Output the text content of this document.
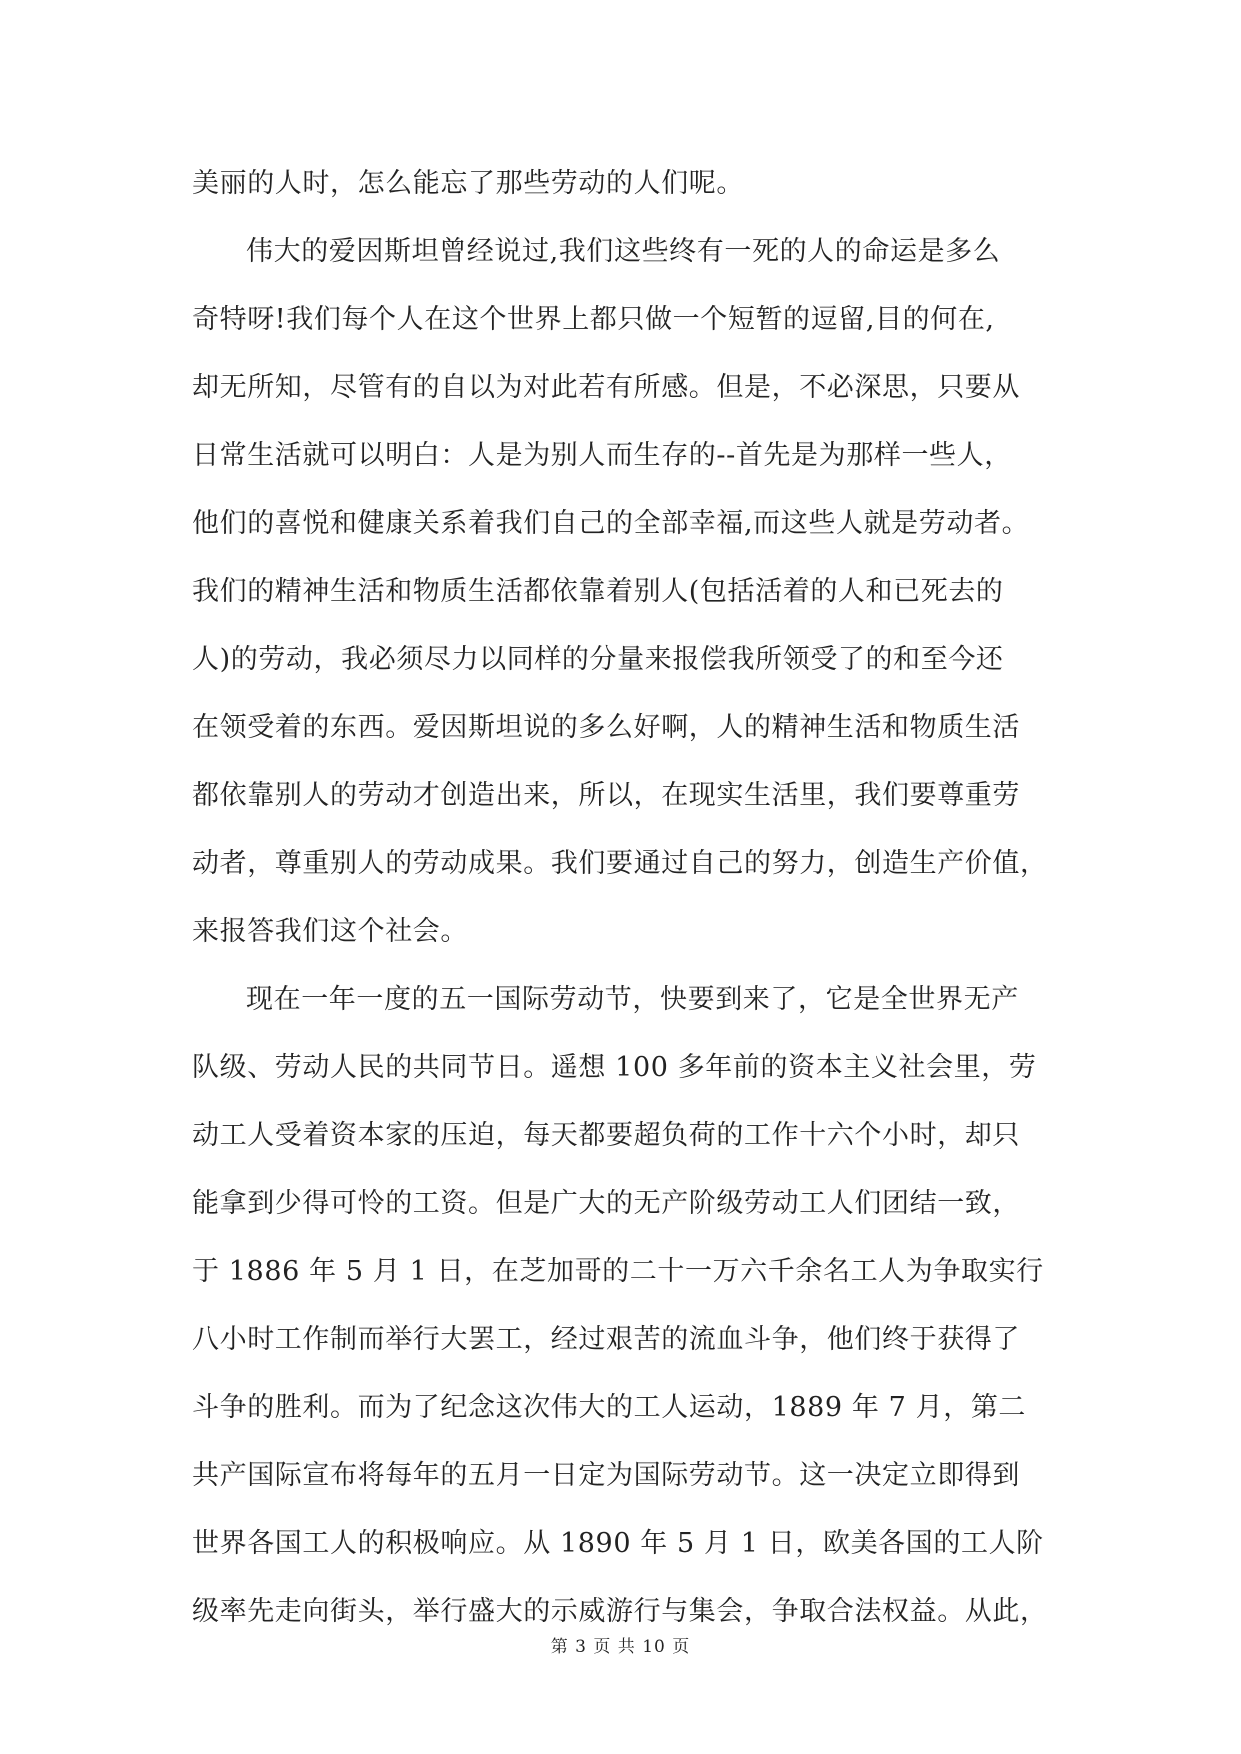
美丽的人时，怎么能忘了那些劳动的人们呢。
伟大的爱因斯坦曾经说过,我们这些终有一死的人的命运是多么
奇特呀!我们每个人在这个世界上都只做一个短暂的逗留,目的何在,
却无所知，尽管有的自以为对此若有所感。但是，不必深思，只要从
日常生活就可以明白：人是为别人而生存的--首先是为那样一些人，
他们的喜悦和健康关系着我们自己的全部幸福,而这些人就是劳动者。
我们的精神生活和物质生活都依靠着别人(包括活着的人和已死去的
人)的劳动，我必须尽力以同样的分量来报偿我所领受了的和至今还
在领受着的东西。爱因斯坦说的多么好啊，人的精神生活和物质生活
都依靠别人的劳动才创造出来，所以，在现实生活里，我们要尊重劳
动者，尊重别人的劳动成果。我们要通过自己的努力，创造生产价值，
来报答我们这个社会。
现在一年一度的五一国际劳动节，快要到来了，它是全世界无产
队级、劳动人民的共同节日。遥想 100 多年前的资本主义社会里，劳
动工人受着资本家的压迫，每天都要超负荷的工作十六个小时，却只
能拿到少得可怜的工资。但是广大的无产阶级劳动工人们团结一致，
于 1886 年 5 月 1 日，在芝加哥的二十一万六千余名工人为争取实行
八小时工作制而举行大罢工，经过艰苦的流血斗争，他们终于获得了
斗争的胜利。而为了纪念这次伟大的工人运动，1889 年 7 月，第二
共产国际宣布将每年的五月一日定为国际劳动节。这一决定立即得到
世界各国工人的积极响应。从 1890 年 5 月 1 日，欧美各国的工人阶
级率先走向街头，举行盛大的示威游行与集会，争取合法权益。从此，
第 3 页 共 10 页
